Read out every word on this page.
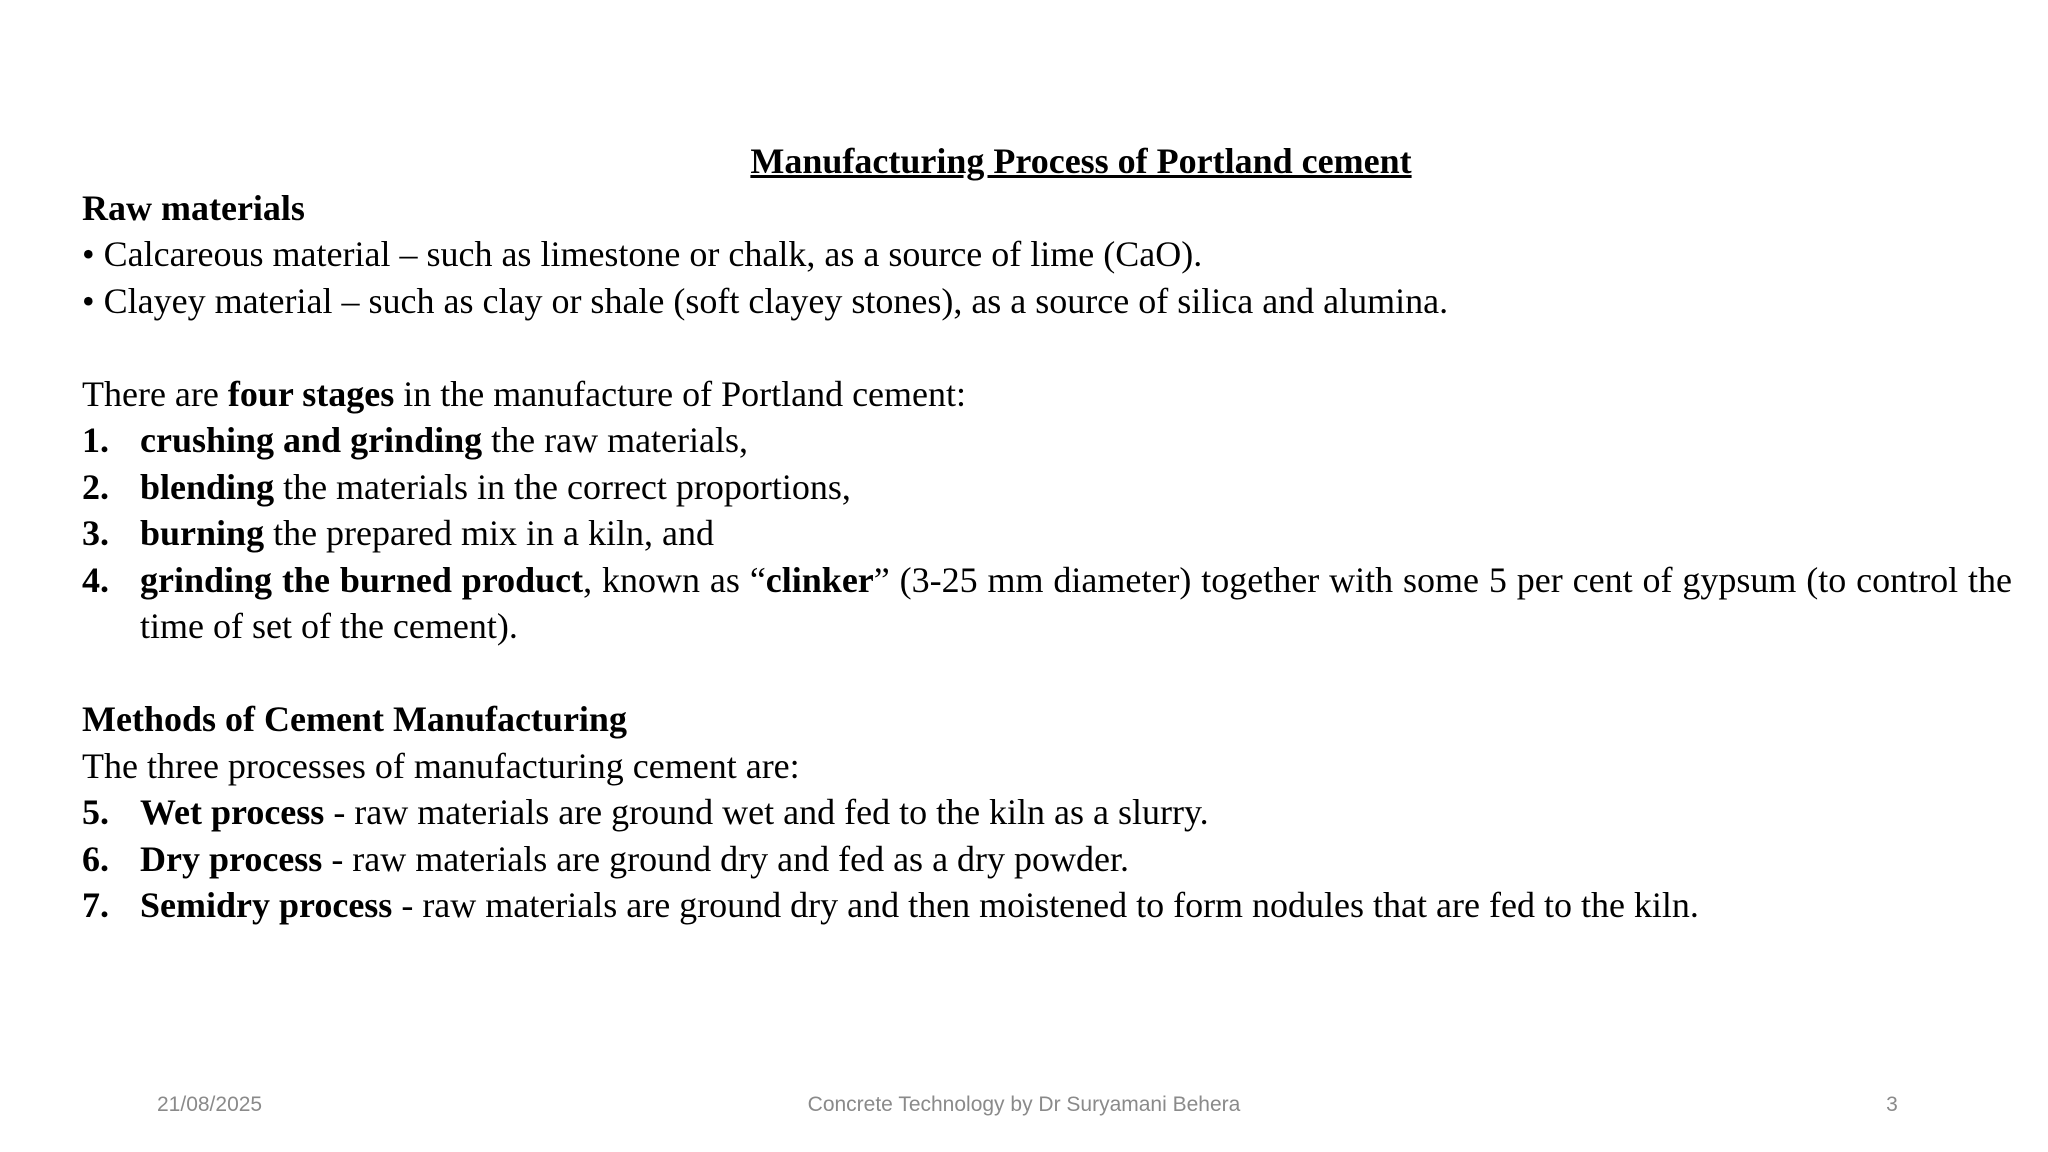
Manufacturing Process of Portland cement

Raw materials

• Calcareous material – such as limestone or chalk, as a source of lime (CaO).

• Clayey material – such as clay or shale (soft clayey stones), as a source of silica and alumina.

There are four stages in the manufacture of Portland cement:

1. crushing and grinding the raw materials,
2. blending the materials in the correct proportions,
3. burning the prepared mix in a kiln, and
4. grinding the burned product, known as “clinker” (3-25 mm diameter) together with some 5 per cent of gypsum (to control the time of set of the cement).

Methods of Cement Manufacturing

The three processes of manufacturing cement are:

5. Wet process - raw materials are ground wet and fed to the kiln as a slurry.
6. Dry process - raw materials are ground dry and fed as a dry powder.
7. Semidry process - raw materials are ground dry and then moistened to form nodules that are fed to the kiln.
21/08/2025	Concrete Technology by Dr Suryamani Behera	3
